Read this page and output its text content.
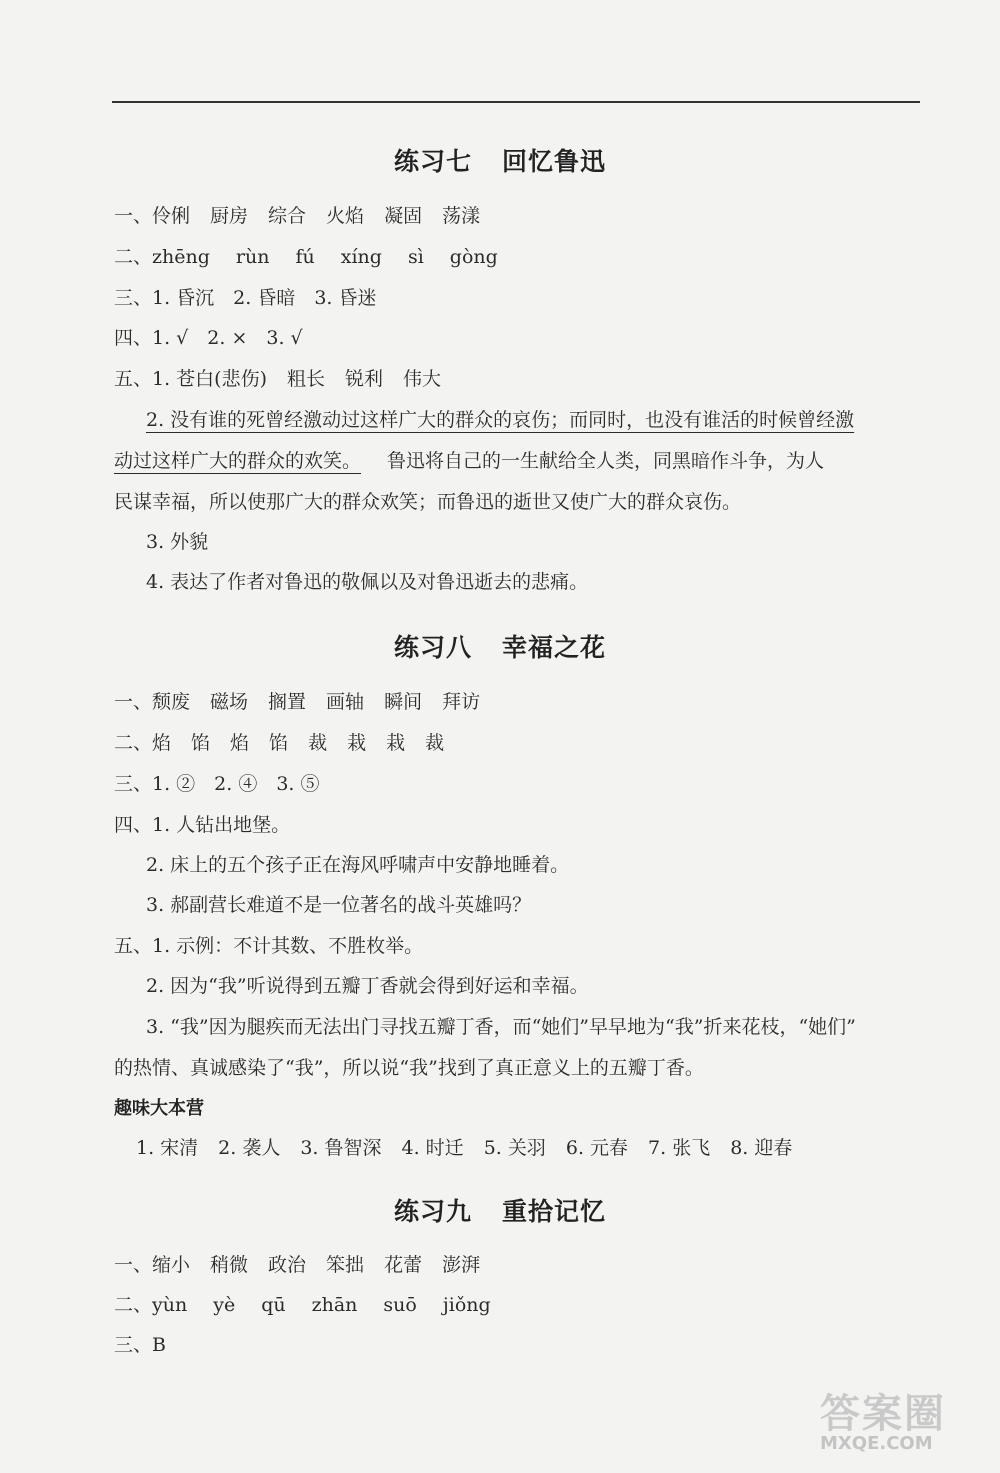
练习七 回忆鲁迅
一、伶俐 厨房 综合 火焰 凝固 荡漾
二、zhēng rùn fú xíng sì gòng
三、1. 昏沉　2. 昏暗　3. 昏迷
四、1. √　2. ×　3. √
五、1. 苍白(悲伤) 粗长 锐利 伟大
2. 没有谁的死曾经激动过这样广大的群众的哀伤；而同时，也没有谁活的时候曾经激
动过这样广大的群众的欢笑。 鲁迅将自己的一生献给全人类，同黑暗作斗争，为人
民谋幸福，所以使那广大的群众欢笑；而鲁迅的逝世又使广大的群众哀伤。
3. 外貌
4. 表达了作者对鲁迅的敬佩以及对鲁迅逝去的悲痛。
练习八 幸福之花
一、颓废 磁场 搁置 画轴 瞬间 拜访
二、焰 馅 焰 馅 裁 栽 栽 裁
三、1. ②　2. ④　3. ⑤
四、1. 人钻出地堡。
2. 床上的五个孩子正在海风呼啸声中安静地睡着。
3. 郝副营长难道不是一位著名的战斗英雄吗？
五、1. 示例：不计其数、不胜枚举。
2. 因为“我”听说得到五瓣丁香就会得到好运和幸福。
3. “我”因为腿疾而无法出门寻找五瓣丁香，而“她们”早早地为“我”折来花枝，“她们”
的热情、真诚感染了“我”，所以说“我”找到了真正意义上的五瓣丁香。
趣味大本营
1. 宋清 2. 袭人 3. 鲁智深 4. 时迁 5. 关羽 6. 元春 7. 张飞 8. 迎春
练习九 重拾记忆
一、缩小 稍微 政治 笨拙 花蕾 澎湃
二、yùn yè qū zhān suō jiǒng
三、B
答案圈
MXQE.COM
